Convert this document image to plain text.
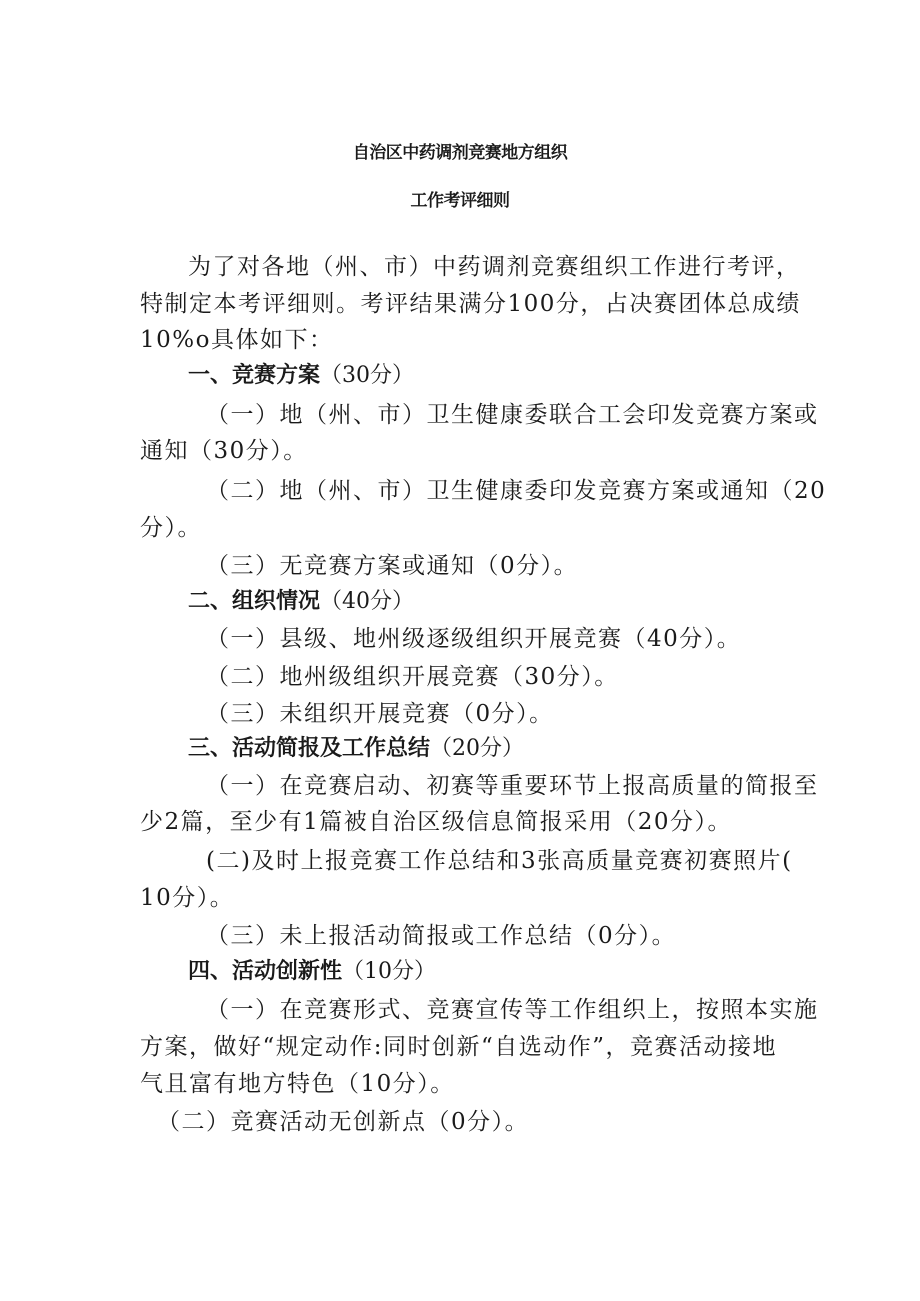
自治区中药调剂竞赛地方组织
工作考评细则
为了对各地（州、市）中药调剂竞赛组织工作进行考评，
特制定本考评细则。考评结果满分100分，占决赛团体总成绩
10%o具体如下：
一、竞赛方案（30分）
（一）地（州、市）卫生健康委联合工会印发竞赛方案或
通知（30分）。
（二）地（州、市）卫生健康委印发竞赛方案或通知（20
分）。
（三）无竞赛方案或通知（0分）。
二、组织情况（40分）
（一）县级、地州级逐级组织开展竞赛（40分）。
（二）地州级组织开展竞赛（30分）。
（三）未组织开展竞赛（0分）。
三、活动简报及工作总结（20分）
（一）在竞赛启动、初赛等重要环节上报高质量的简报至
少2篇，至少有1篇被自治区级信息简报采用（20分）。
(二)及时上报竞赛工作总结和3张高质量竞赛初赛照片(
10分）。
（三）未上报活动简报或工作总结（0分）。
四、活动创新性（10分）
（一）在竞赛形式、竞赛宣传等工作组织上，按照本实施
方案，做好“规定动作:同时创新“自选动作”，竞赛活动接地
气且富有地方特色（10分）。
（二）竞赛活动无创新点（0分）。
